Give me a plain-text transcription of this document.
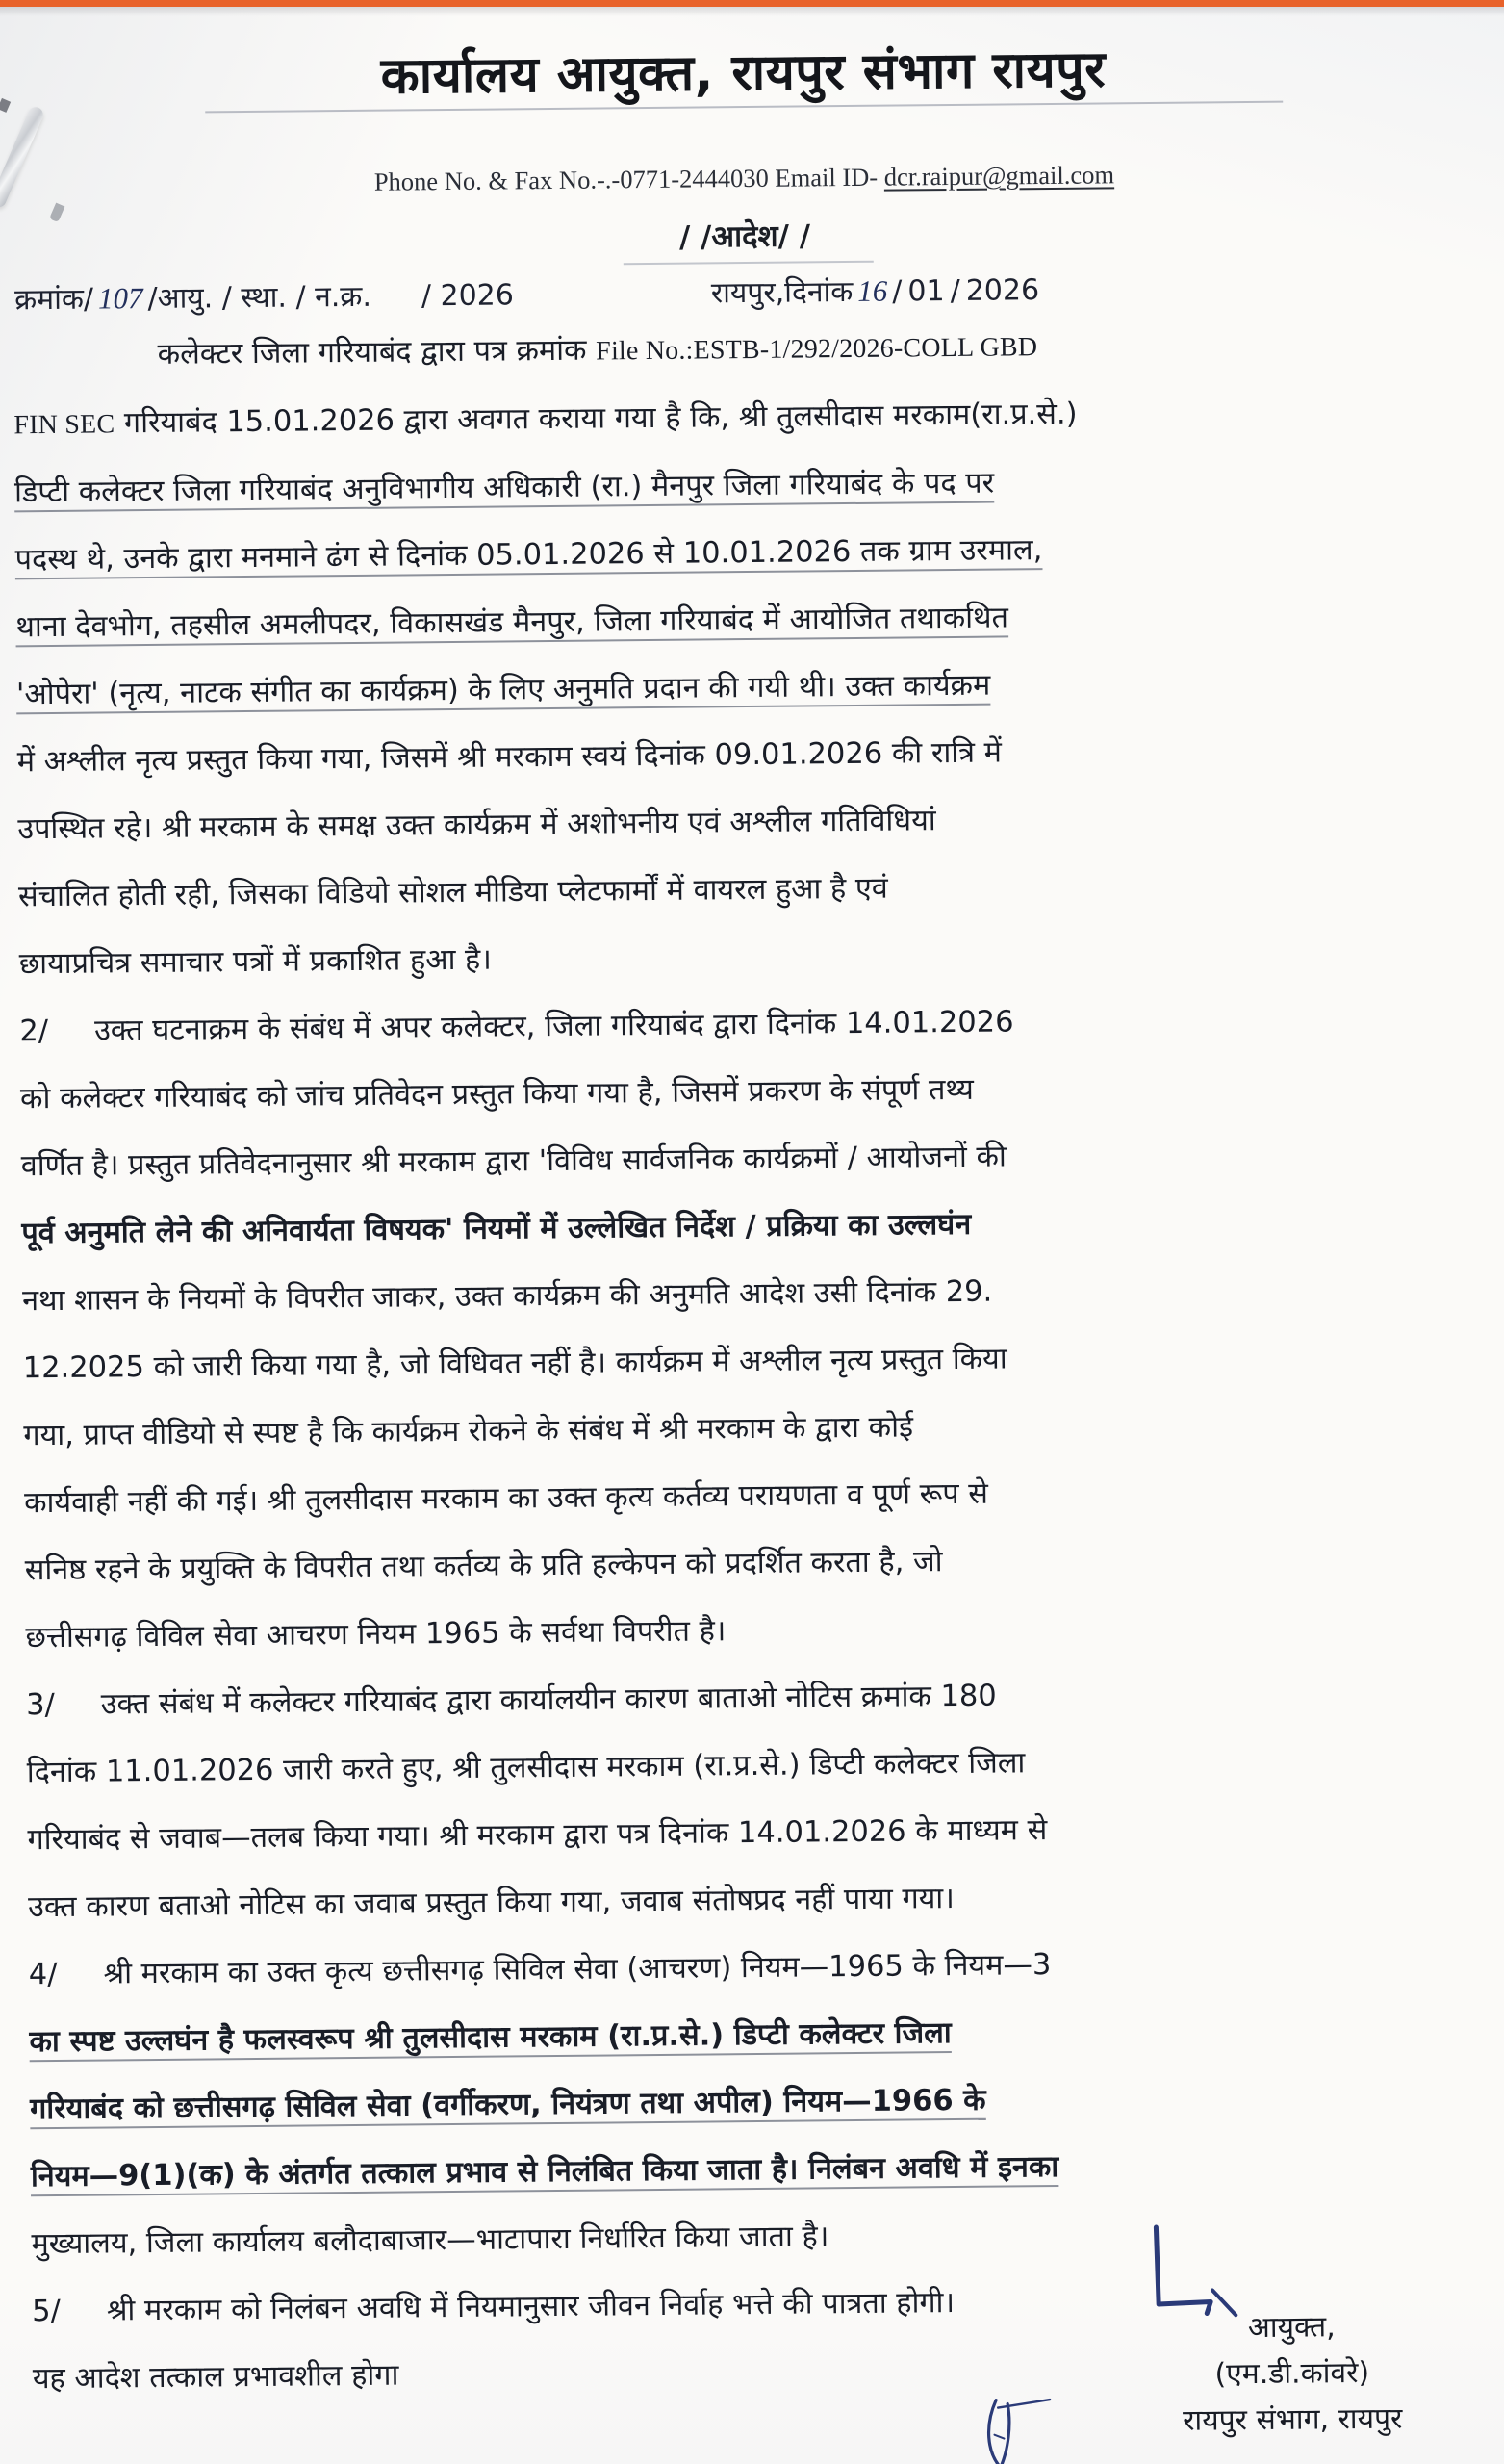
कार्यालय आयुक्त, रायपुर संभाग रायपुर
Phone No. & Fax No.-.-0771-2444030 Email ID- dcr.raipur@gmail.com
/ /आदेश/ /
क्रमांक / 107 / आयु. / स्था. / न.क्र.	/ 2026	रायपुर,दिनांक 16 / 01 / 2026
कलेक्टर जिला गरियाबंद द्वारा पत्र क्रमांक File No.:ESTB-1/292/2026-COLL GBD
FIN SEC गरियाबंद 15.01.2026 द्वारा अवगत कराया गया है कि, श्री तुलसीदास मरकाम(रा.प्र.से.)
डिप्टी कलेक्टर जिला गरियाबंद अनुविभागीय अधिकारी (रा.) मैनपुर जिला गरियाबंद के पद पर
पदस्थ थे, उनके द्वारा मनमाने ढंग से दिनांक 05.01.2026 से 10.01.2026 तक ग्राम उरमाल,
थाना देवभोग, तहसील अमलीपदर, विकासखंड मैनपुर, जिला गरियाबंद में आयोजित तथाकथित
'ओपेरा' (नृत्य, नाटक संगीत का कार्यक्रम) के लिए अनुमति प्रदान की गयी थी। उक्त कार्यक्रम
में अश्लील नृत्य प्रस्तुत किया गया, जिसमें श्री मरकाम स्वयं दिनांक 09.01.2026 की रात्रि में
उपस्थित रहे। श्री मरकाम के समक्ष उक्त कार्यक्रम में अशोभनीय एवं अश्लील गतिविधियां
संचालित होती रही, जिसका विडियो सोशल मीडिया प्लेटफार्मों में वायरल हुआ है एवं
छायाप्रचित्र समाचार पत्रों में प्रकाशित हुआ है।
2/ उक्त घटनाक्रम के संबंध में अपर कलेक्टर, जिला गरियाबंद द्वारा दिनांक 14.01.2026
को कलेक्टर गरियाबंद को जांच प्रतिवेदन प्रस्तुत किया गया है, जिसमें प्रकरण के संपूर्ण तथ्य
वर्णित है। प्रस्तुत प्रतिवेदनानुसार श्री मरकाम द्वारा 'विविध सार्वजनिक कार्यक्रमों / आयोजनों की
पूर्व अनुमति लेने की अनिवार्यता विषयक' नियमों में उल्लेखित निर्देश / प्रक्रिया का उल्लघंन
नथा शासन के नियमों के विपरीत जाकर, उक्त कार्यक्रम की अनुमति आदेश उसी दिनांक 29.
12.2025 को जारी किया गया है, जो विधिवत नहीं है। कार्यक्रम में अश्लील नृत्य प्रस्तुत किया
गया, प्राप्त वीडियो से स्पष्ट है कि कार्यक्रम रोकने के संबंध में श्री मरकाम के द्वारा कोई
कार्यवाही नहीं की गई। श्री तुलसीदास मरकाम का उक्त कृत्य कर्तव्य परायणता व पूर्ण रूप से
सनिष्ठ रहने के प्रयुक्ति के विपरीत तथा कर्तव्य के प्रति हल्केपन को प्रदर्शित करता है, जो
छत्तीसगढ़ विविल सेवा आचरण नियम 1965 के सर्वथा विपरीत है।
3/ उक्त संबंध में कलेक्टर गरियाबंद द्वारा कार्यालयीन कारण बाताओ नोटिस क्रमांक 180
दिनांक 11.01.2026 जारी करते हुए, श्री तुलसीदास मरकाम (रा.प्र.से.) डिप्टी कलेक्टर जिला
गरियाबंद से जवाब—तलब किया गया। श्री मरकाम द्वारा पत्र दिनांक 14.01.2026 के माध्यम से
उक्त कारण बताओ नोटिस का जवाब प्रस्तुत किया गया, जवाब संतोषप्रद नहीं पाया गया।
4/ श्री मरकाम का उक्त कृत्य छत्तीसगढ़ सिविल सेवा (आचरण) नियम—1965 के नियम—3
का स्पष्ट उल्लघंन है फलस्वरूप श्री तुलसीदास मरकाम (रा.प्र.से.) डिप्टी कलेक्टर जिला
गरियाबंद को छत्तीसगढ़ सिविल सेवा (वर्गीकरण, नियंत्रण तथा अपील) नियम—1966 के
नियम—9(1)(क) के अंतर्गत तत्काल प्रभाव से निलंबित किया जाता है। निलंबन अवधि में इनका
मुख्यालय, जिला कार्यालय बलौदाबाजार—भाटापारा निर्धारित किया जाता है।
5/ श्री मरकाम को निलंबन अवधि में नियमानुसार जीवन निर्वाह भत्ते की पात्रता होगी।
यह आदेश तत्काल प्रभावशील होगा
आयुक्त,
(एम.डी.कांवरे)
रायपुर संभाग, रायपुर
